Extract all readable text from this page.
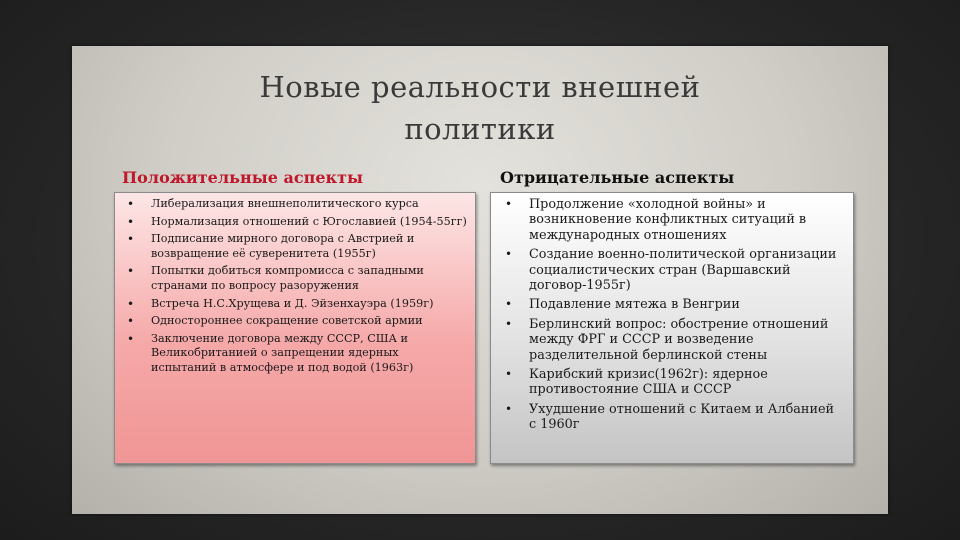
Новые реальности внешней
политики
Положительные аспекты	Отрицательные аспекты
• Либерализация внешнеполитического курса
• Нормализация отношений с Югославией (1954-55гг)
• Подписание мирного договора с Австрией и возвращение её суверенитета (1955г)
• Попытки добиться компромисса с западными странами по вопросу разоружения
• Встреча Н.С.Хрущева и Д. Эйзенхауэра (1959г)
• Одностороннее сокращение советской армии
• Заключение договора между СССР, США и Великобританией о запрещении ядерных испытаний в атмосфере и под водой (1963г)
• Продолжение «холодной войны» и возникновение конфликтных ситуаций в международных отношениях
• Создание военно-политической организации социалистических стран (Варшавский договор-1955г)
• Подавление мятежа в Венгрии
• Берлинский вопрос: обострение отношений между ФРГ и СССР и возведение разделительной берлинской стены
• Карибский кризис(1962г): ядерное противостояние США и СССР
• Ухудшение отношений с Китаем и Албанией с 1960г
